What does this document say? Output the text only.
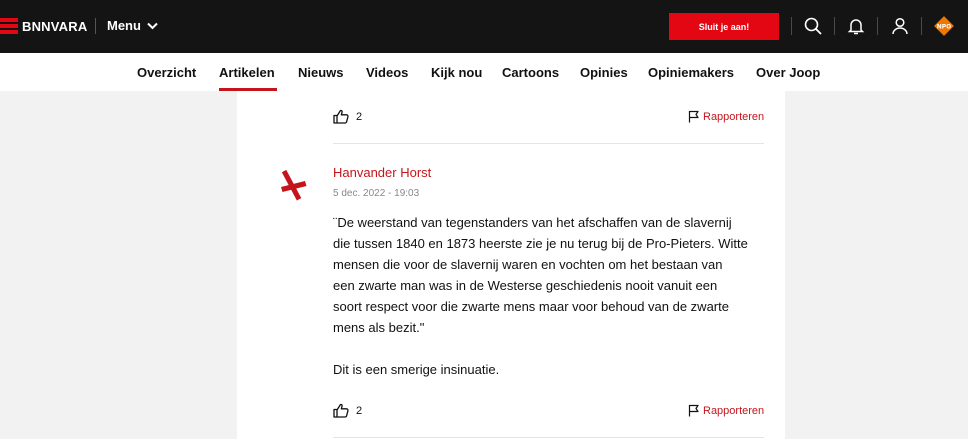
BNNVARA Menu	Sluit je aan!	NPO
Overzicht Artikelen Nieuws Videos Kijk nou Cartoons Opinies Opiniemakers Over Joop
2	Rapporteren
Hanvander Horst
5 dec. 2022 - 19:03

¨De weerstand van tegenstanders van het afschaffen van de slavernij

die tussen 1840 en 1873 heerste zie je nu terug bij de Pro-Pieters. Witte

mensen die voor de slavernij waren en vochten om het bestaan van

een zwarte man was in de Westerse geschiedenis nooit vanuit een

soort respect voor die zwarte mens maar voor behoud van de zwarte

mens als bezit."

Dit is een smerige insinuatie.

2	Rapporteren
